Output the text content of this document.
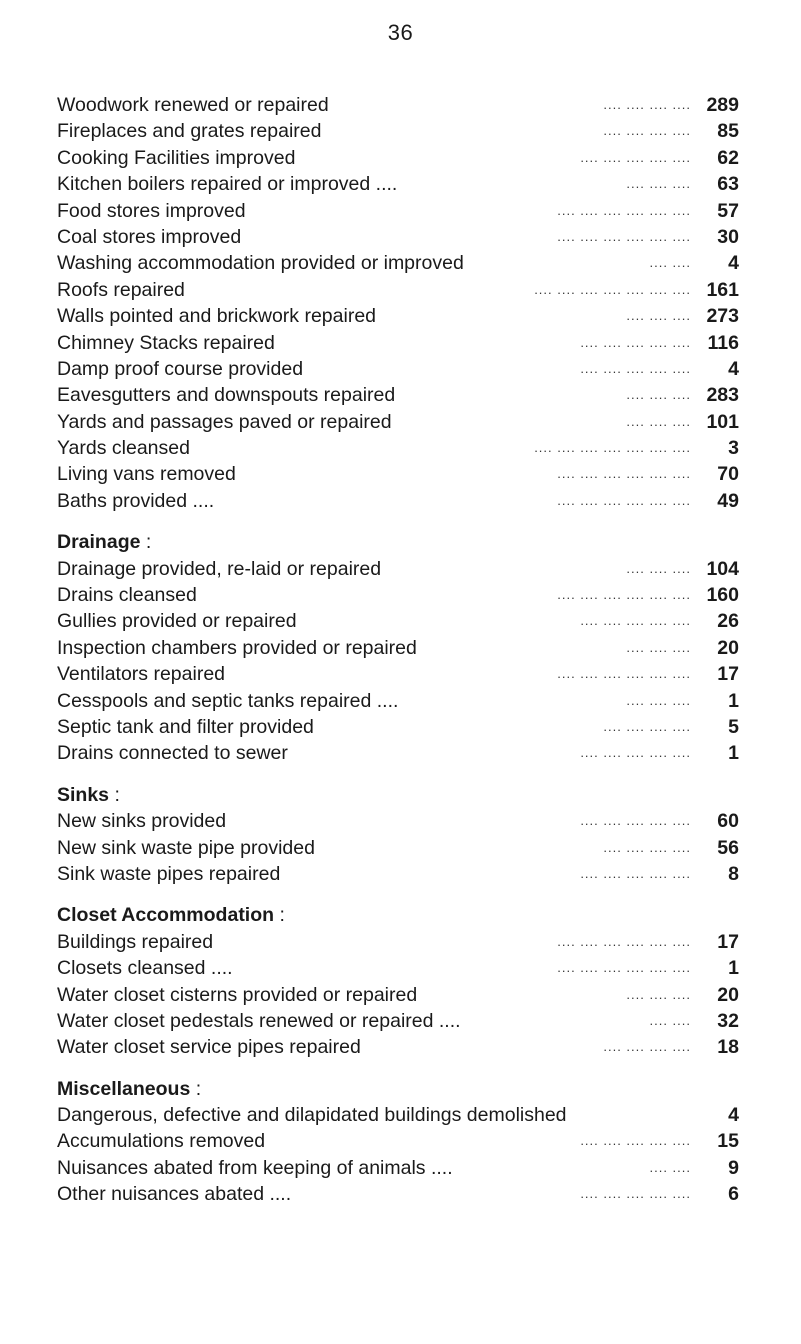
36
.... .... .... ....
Woodwork renewed or repaired	289
.... .... .... ....
Fireplaces and grates repaired	85
.... .... .... .... ....
Cooking Facilities improved	62
.... .... ....
Kitchen boilers repaired or improved ....	63
.... .... .... .... .... ....
Food stores improved	57
.... .... .... .... .... ....
Coal stores improved	30
.... ....
Washing accommodation provided or improved	4
.... .... .... .... .... .... ....
Roofs repaired	161
.... .... ....
Walls pointed and brickwork repaired	273
.... .... .... .... ....
Chimney Stacks repaired	116
.... .... .... .... ....
Damp proof course provided	4
.... .... ....
Eavesgutters and downspouts repaired	283
.... .... ....
Yards and passages paved or repaired	101
.... .... .... .... .... .... ....
Yards cleansed	3
.... .... .... .... .... ....
Living vans removed	70
.... .... .... .... .... ....
Baths provided ....	49
Drainage :
.... .... ....
Drainage provided, re-laid or repaired	104
.... .... .... .... .... ....
Drains cleansed	160
.... .... .... .... ....
Gullies provided or repaired	26
.... .... ....
Inspection chambers provided or repaired	20
.... .... .... .... .... ....
Ventilators repaired	17
.... .... ....
Cesspools and septic tanks repaired ....	1
.... .... .... ....
Septic tank and filter provided	5
.... .... .... .... ....
Drains connected to sewer	1
Sinks :
.... .... .... .... ....
New sinks provided	60
.... .... .... ....
New sink waste pipe provided	56
.... .... .... .... ....
Sink waste pipes repaired	8
Closet Accommodation :
.... .... .... .... .... ....
Buildings repaired	17
.... .... .... .... .... ....
Closets cleansed ....	1
.... .... ....
Water closet cisterns provided or repaired	20
.... ....
Water closet pedestals renewed or repaired ....	32
.... .... .... ....
Water closet service pipes repaired	18
Miscellaneous :
Dangerous, defective and dilapidated buildings demolished	4
.... .... .... .... ....
Accumulations removed	15
.... ....
Nuisances abated from keeping of animals ....	9
.... .... .... .... ....
Other nuisances abated ....	6
